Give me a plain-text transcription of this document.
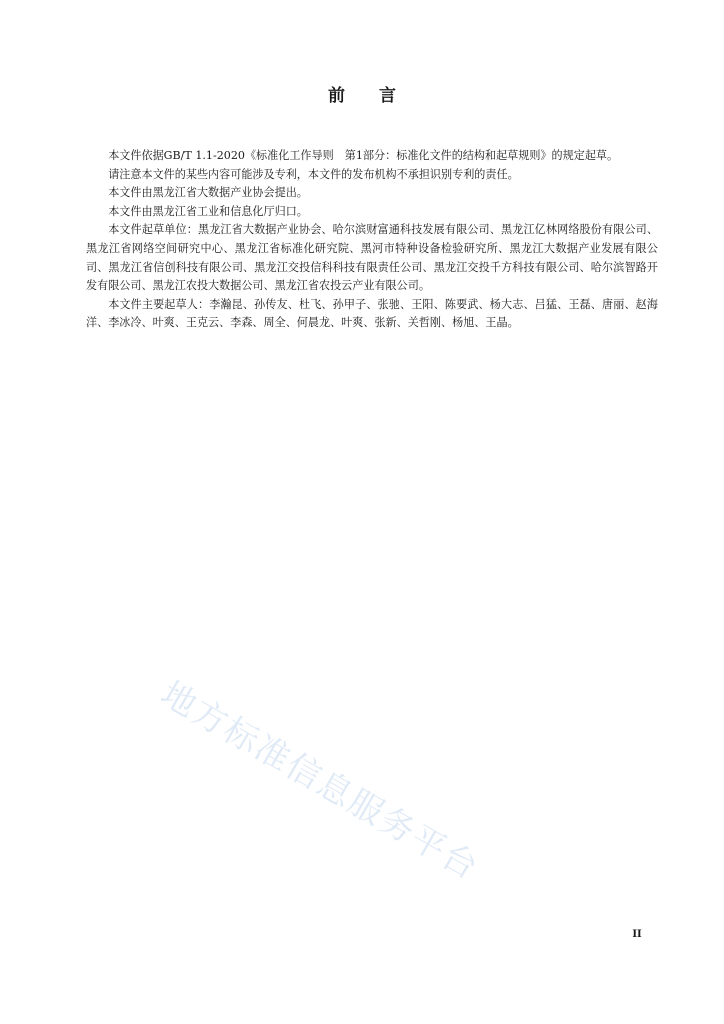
前言

本文件依据GB/T 1.1-2020《标准化工作导则　第1部分：标准化文件的结构和起草规则》的规定起草。

请注意本文件的某些内容可能涉及专利，本文件的发布机构不承担识别专利的责任。

本文件由黑龙江省大数据产业协会提出。

本文件由黑龙江省工业和信息化厅归口。

本文件起草单位：黑龙江省大数据产业协会、哈尔滨财富通科技发展有限公司、黑龙江亿林网络股份有限公司、黑龙江省网络空间研究中心、黑龙江省标准化研究院、黑河市特种设备检验研究所、黑龙江大数据产业发展有限公司、黑龙江省信创科技有限公司、黑龙江交投信科科技有限责任公司、黑龙江交投千方科技有限公司、哈尔滨智路开发有限公司、黑龙江农投大数据公司、黑龙江省农投云产业有限公司。

本文件主要起草人：李瀚昆、孙传友、杜飞、孙甲子、张驰、王阳、陈要武、杨大志、吕猛、王磊、唐丽、赵海洋、李冰冷、叶爽、王克云、李森、周全、何晨龙、叶爽、张新、关哲刚、杨旭、王晶。

地方标准信息服务平台
II
